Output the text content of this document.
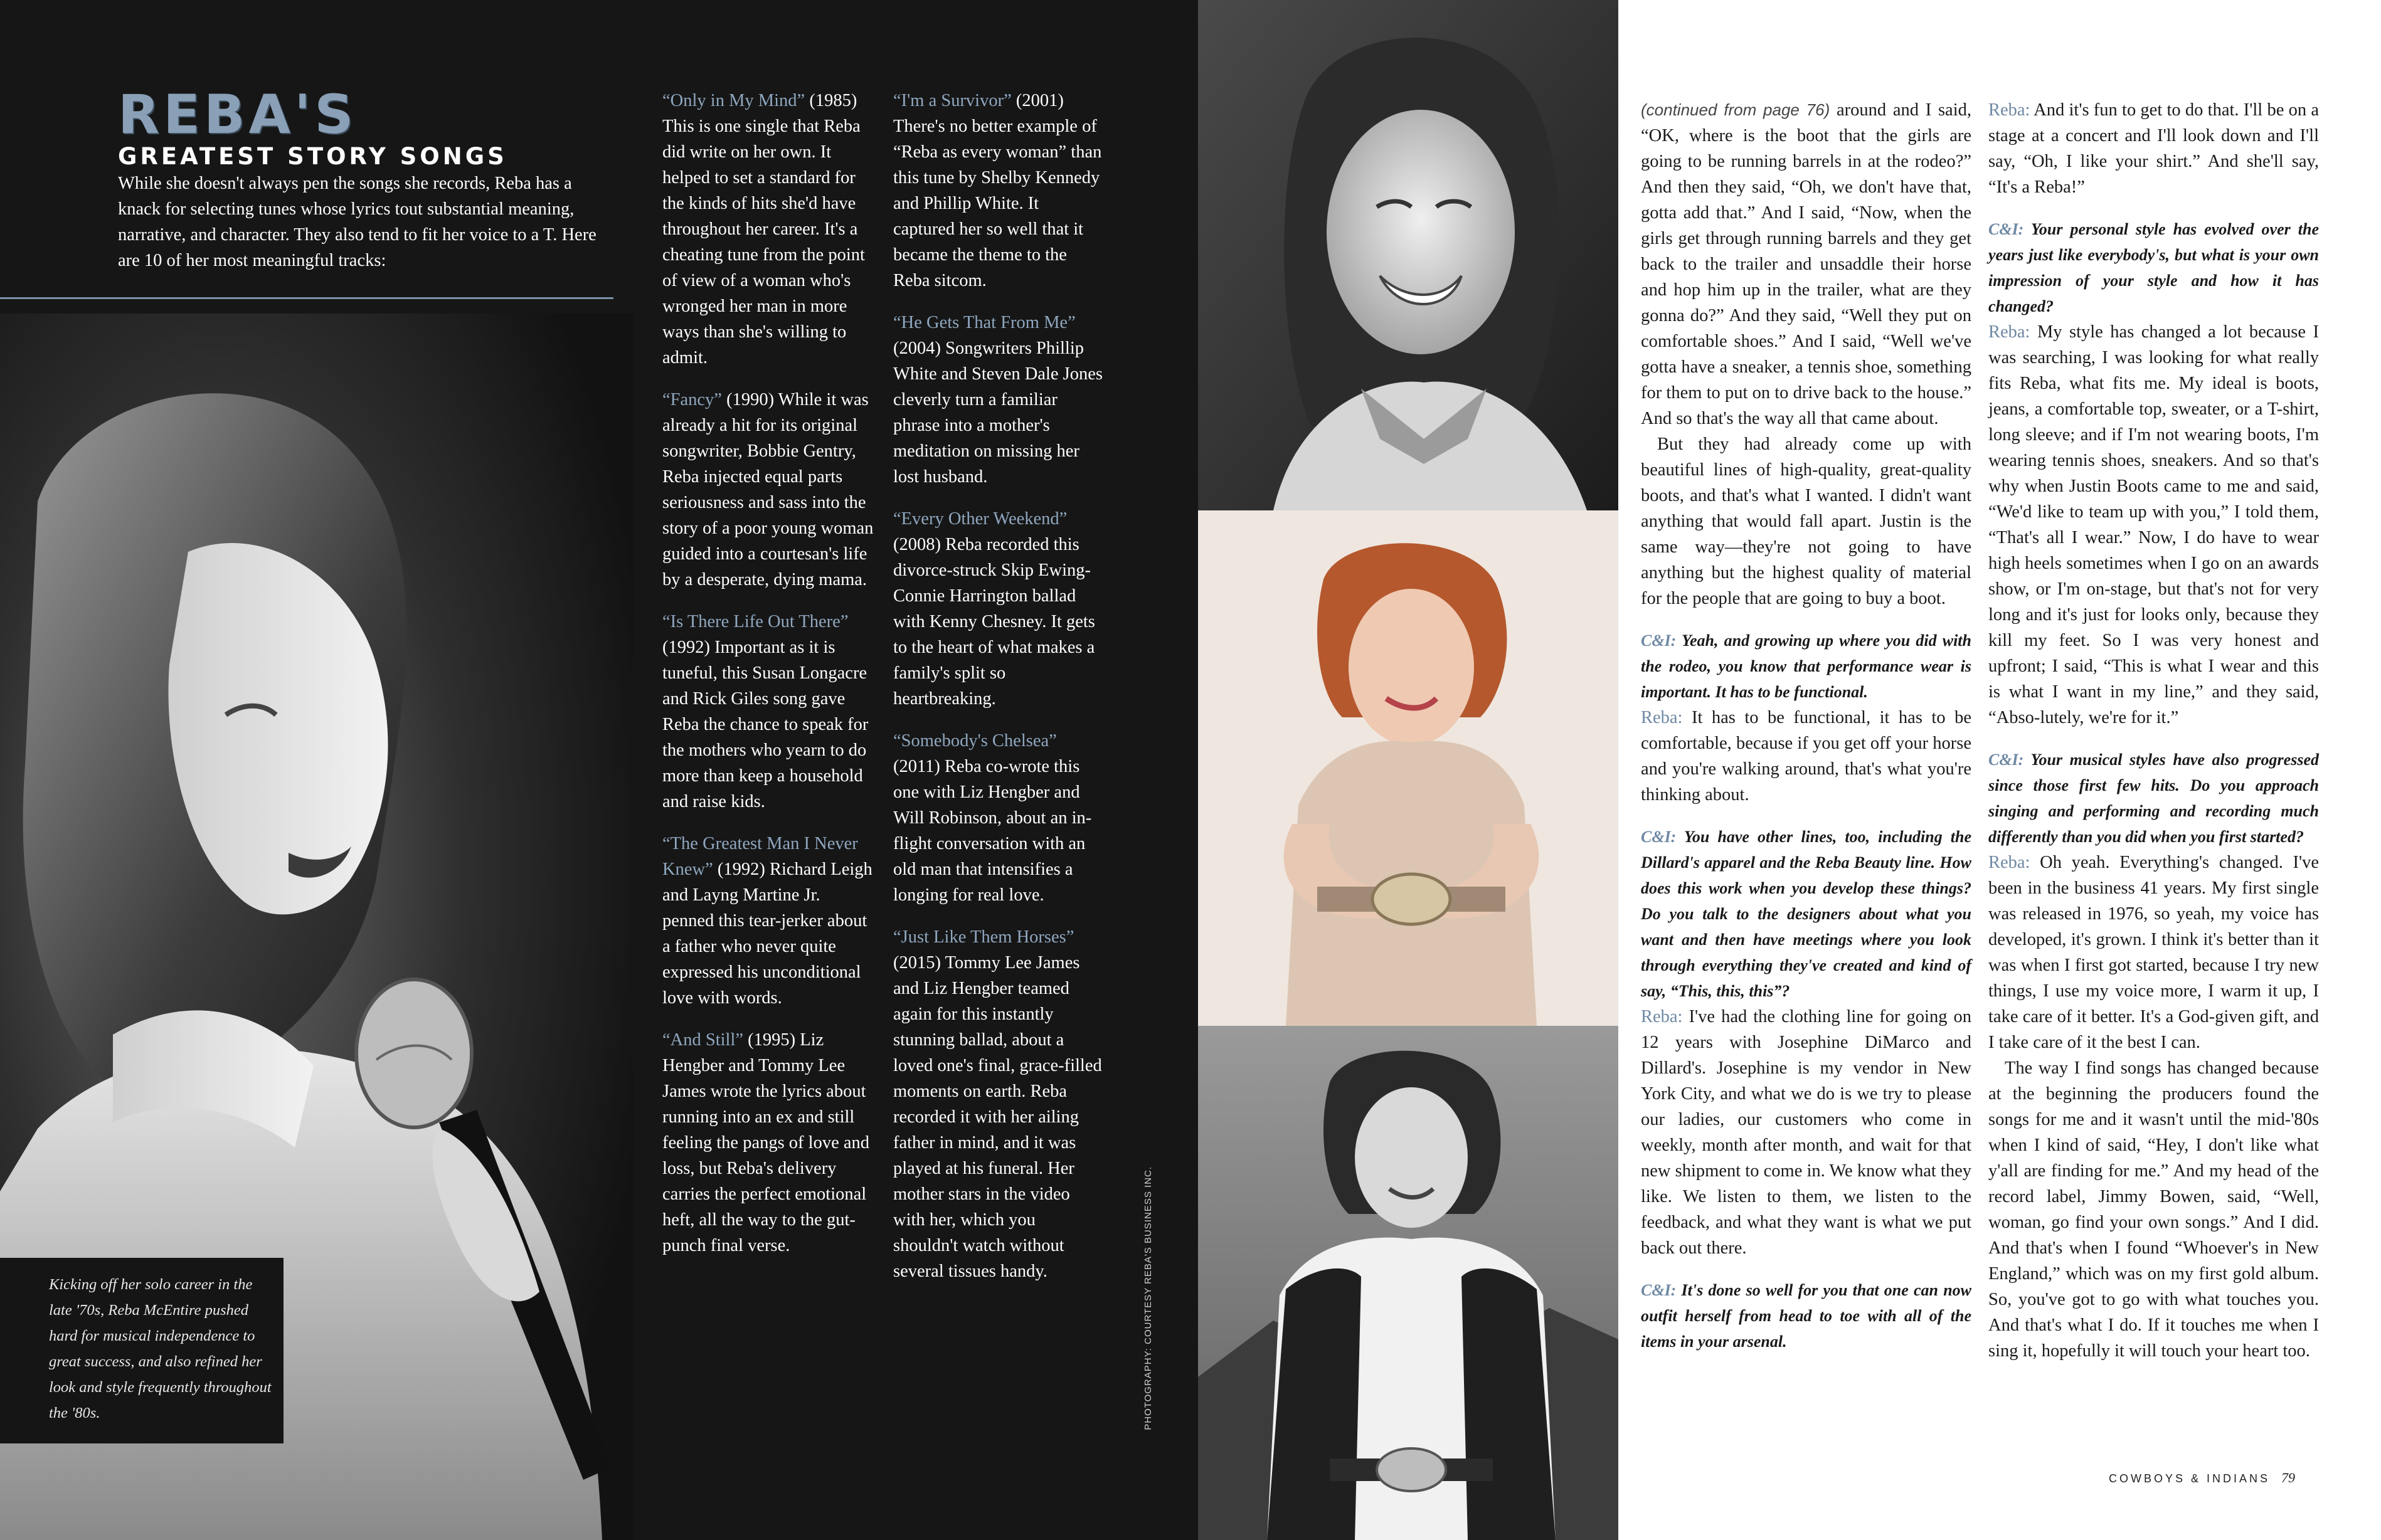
REBA'S
GREATEST STORY SONGS
While she doesn't always pen the songs she records, Reba has a knack for selecting tunes whose lyrics tout substantial meaning, narrative, and character. They also tend to fit her voice to a T. Here are 10 of her most meaningful tracks:
Kicking off her solo career in the late '70s, Reba McEntire pushed hard for musical independence to great success, and also refined her look and style frequently throughout the '80s.
“Only in My Mind” (1985) This is one single that Reba did write on her own. It helped to set a standard for the kinds of hits she'd have throughout her career. It's a cheating tune from the point of view of a woman who's wronged her man in more ways than she's willing to admit.
“Fancy” (1990) While it was already a hit for its original songwriter, Bobbie Gentry, Reba injected equal parts seriousness and sass into the story of a poor young woman guided into a courtesan's life by a desperate, dying mama.
“Is There Life Out There” (1992) Important as it is tuneful, this Susan Longacre and Rick Giles song gave Reba the chance to speak for the mothers who yearn to do more than keep a household and raise kids.
“The Greatest Man I Never Knew” (1992) Richard Leigh and Layng Martine Jr. penned this tear-jerker about a father who never quite expressed his unconditional love with words.
“And Still” (1995) Liz Hengber and Tommy Lee James wrote the lyrics about running into an ex and still feeling the pangs of love and loss, but Reba's delivery carries the perfect emotional heft, all the way to the gut-punch final verse.
“I'm a Survivor” (2001) There's no better example of “Reba as every woman” than this tune by Shelby Kennedy and Phillip White. It captured her so well that it became the theme to the Reba sitcom.
“He Gets That From Me” (2004) Songwriters Phillip White and Steven Dale Jones cleverly turn a familiar phrase into a mother's meditation on missing her lost husband.
“Every Other Weekend” (2008) Reba recorded this divorce-struck Skip Ewing-Connie Harrington ballad with Kenny Chesney. It gets to the heart of what makes a family's split so heartbreaking.
“Somebody's Chelsea” (2011) Reba co-wrote this one with Liz Hengber and Will Robinson, about an in-flight conversation with an old man that intensifies a longing for real love.
“Just Like Them Horses” (2015) Tommy Lee James and Liz Hengber teamed again for this instantly stunning ballad, about a loved one's final, grace-filled moments on earth. Reba recorded it with her ailing father in mind, and it was played at his funeral. Her mother stars in the video with her, which you shouldn't watch without several tissues handy.	PHOTOGRAPHY: COURTESY REBA'S BUSINESS INC.

(continued from page 76) around and I said, “OK, where is the boot that the girls are going to be running barrels in at the rodeo?” And then they said, “Oh, we don't have that, gotta add that.” And I said, “Now, when the girls get through running barrels and they get back to the trailer and unsaddle their horse and hop him up in the trailer, what are they gonna do?” And they said, “Well they put on comfortable shoes.” And I said, “Well we've gotta have a sneaker, a tennis shoe, something for them to put on to drive back to the house.” And so that's the way all that came about.

But they had already come up with beautiful lines of high-quality, great-quality boots, and that's what I wanted. I didn't want anything that would fall apart. Justin is the same way—they're not going to have anything but the highest quality of material for the people that are going to buy a boot.

C&I: Yeah, and growing up where you did with the rodeo, you know that performance wear is important. It has to be functional.

Reba: It has to be functional, it has to be comfortable, because if you get off your horse and you're walking around, that's what you're thinking about.

C&I: You have other lines, too, including the Dillard's apparel and the Reba Beauty line. How does this work when you develop these things? Do you talk to the designers about what you want and then have meetings where you look through everything they've created and kind of say, “This, this, this”?

Reba: I've had the clothing line for going on 12 years with Josephine DiMarco and Dillard's. Josephine is my vendor in New York City, and what we do is we try to please our ladies, our customers who come in weekly, month after month, and wait for that new shipment to come in. We know what they like. We listen to them, we listen to the feedback, and what they want is what we put back out there.

C&I: It's done so well for you that one can now outfit herself from head to toe with all of the items in your arsenal.

Reba: And it's fun to get to do that. I'll be on a stage at a concert and I'll look down and I'll say, “Oh, I like your shirt.” And she'll say, “It's a Reba!”

C&I: Your personal style has evolved over the years just like everybody's, but what is your own impression of your style and how it has changed?

Reba: My style has changed a lot because I was searching, I was looking for what really fits Reba, what fits me. My ideal is boots, jeans, a comfortable top, sweater, or a T-shirt, long sleeve; and if I'm not wearing boots, I'm wearing tennis shoes, sneakers. And so that's why when Justin Boots came to me and said, “We'd like to team up with you,” I told them, “That's all I wear.” Now, I do have to wear high heels sometimes when I go on an awards show, or I'm on-stage, but that's not for very long and it's just for looks only, because they kill my feet. So I was very honest and upfront; I said, “This is what I wear and this is what I want in my line,” and they said, “Abso-lutely, we're for it.”

C&I: Your musical styles have also progressed since those first few hits. Do you approach singing and performing and recording much differently than you did when you first started?

Reba: Oh yeah. Everything's changed. I've been in the business 41 years. My first single was released in 1976, so yeah, my voice has developed, it's grown. I think it's better than it was when I first got started, because I try new things, I use my voice more, I warm it up, I take care of it better. It's a God-given gift, and I take care of it the best I can.

The way I find songs has changed because at the beginning the producers found the songs for me and it wasn't until the mid-'80s when I kind of said, “Hey, I don't like what y'all are finding for me.” And my head of the record label, Jimmy Bowen, said, “Well, woman, go find your own songs.” And I did. And that's when I found “Whoever's in New England,” which was on my first gold album. So, you've got to go with what touches you. And that's what I do. If it touches me when I sing it, hopefully it will touch your heart too.

COWBOYS & INDIANS 79
